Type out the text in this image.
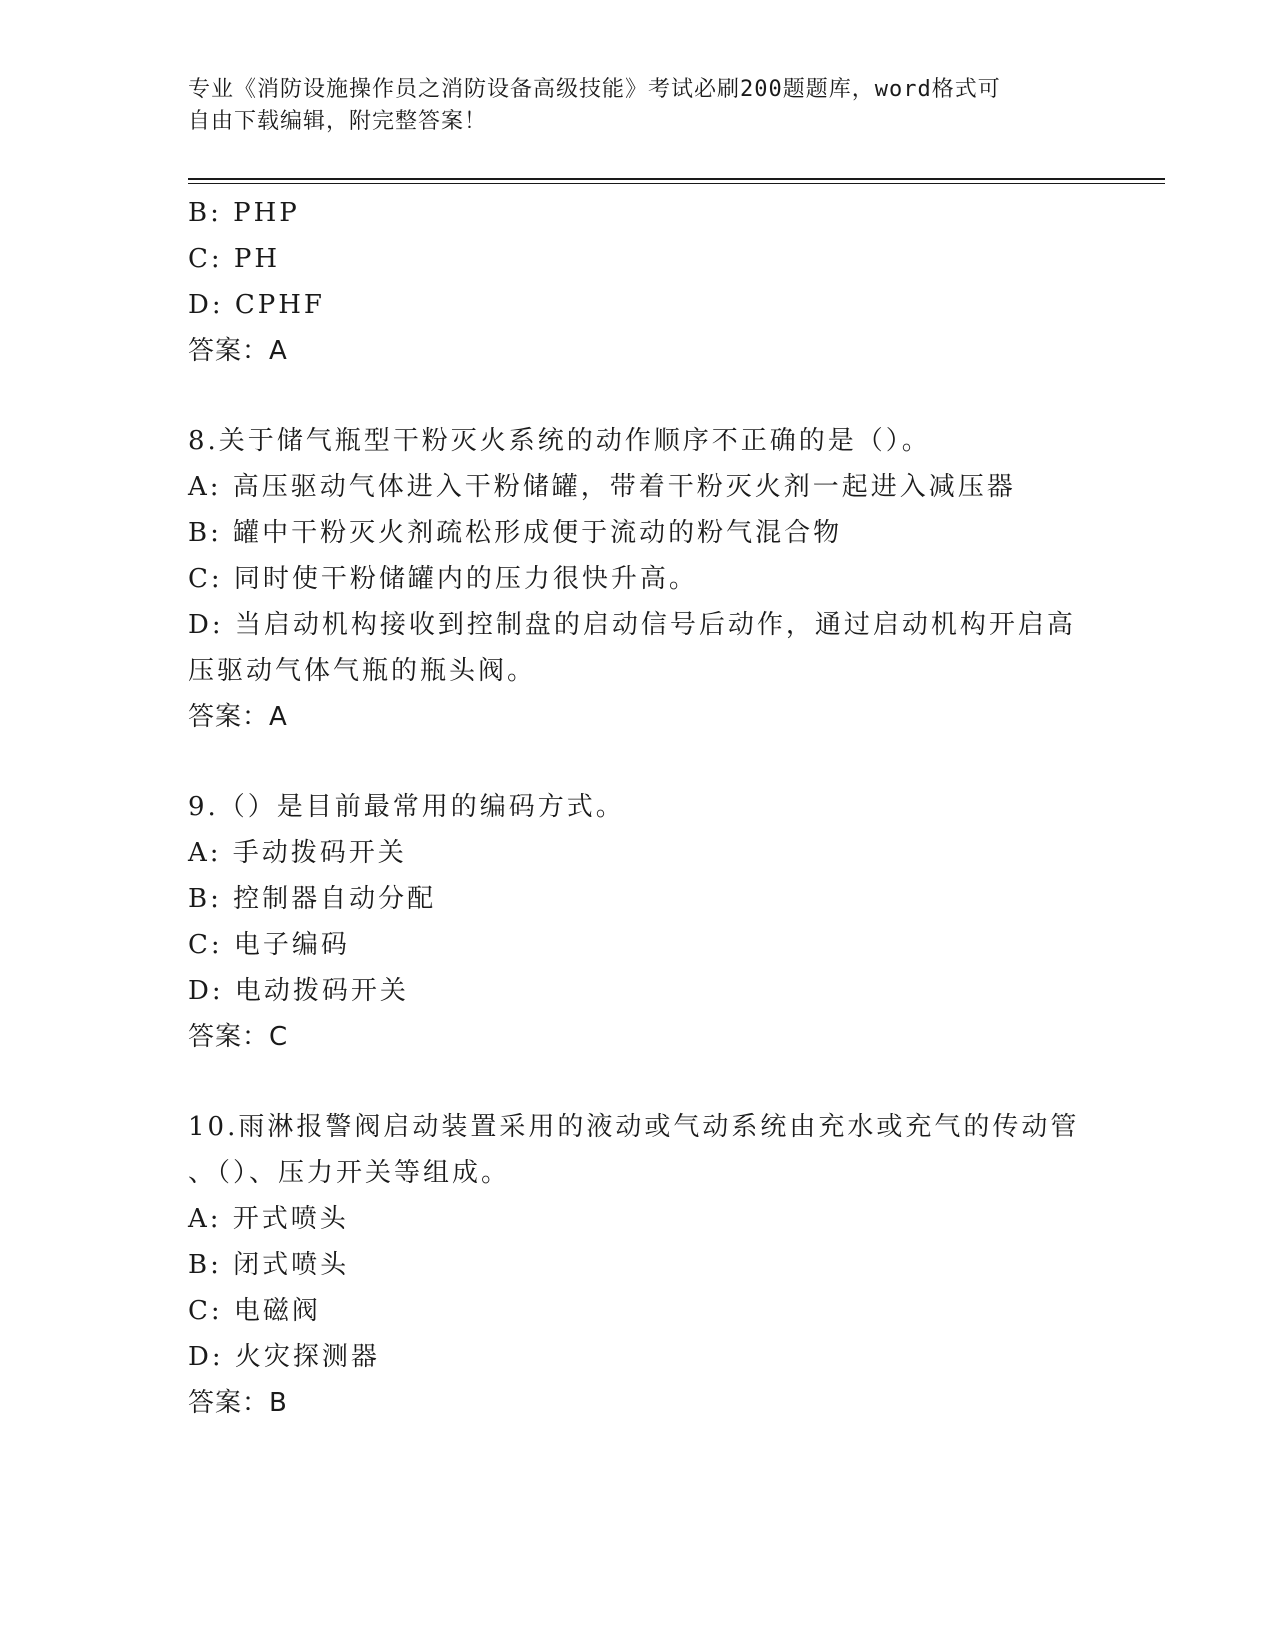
专业《消防设施操作员之消防设备高级技能》考试必刷200题题库，word格式可
自由下载编辑，附完整答案！
B: PHP
C: PH
D: CPHF
答案：A
8.关于储气瓶型干粉灭火系统的动作顺序不正确的是（）。
A: 高压驱动气体进入干粉储罐，带着干粉灭火剂一起进入减压器
B: 罐中干粉灭火剂疏松形成便于流动的粉气混合物
C: 同时使干粉储罐内的压力很快升高。
D: 当启动机构接收到控制盘的启动信号后动作，通过启动机构开启高
压驱动气体气瓶的瓶头阀。
答案：A
9.（）是目前最常用的编码方式。
A: 手动拨码开关
B: 控制器自动分配
C: 电子编码
D: 电动拨码开关
答案：C
10.雨淋报警阀启动装置采用的液动或气动系统由充水或充气的传动管
、（）、压力开关等组成。
A: 开式喷头
B: 闭式喷头
C: 电磁阀
D: 火灾探测器
答案：B
